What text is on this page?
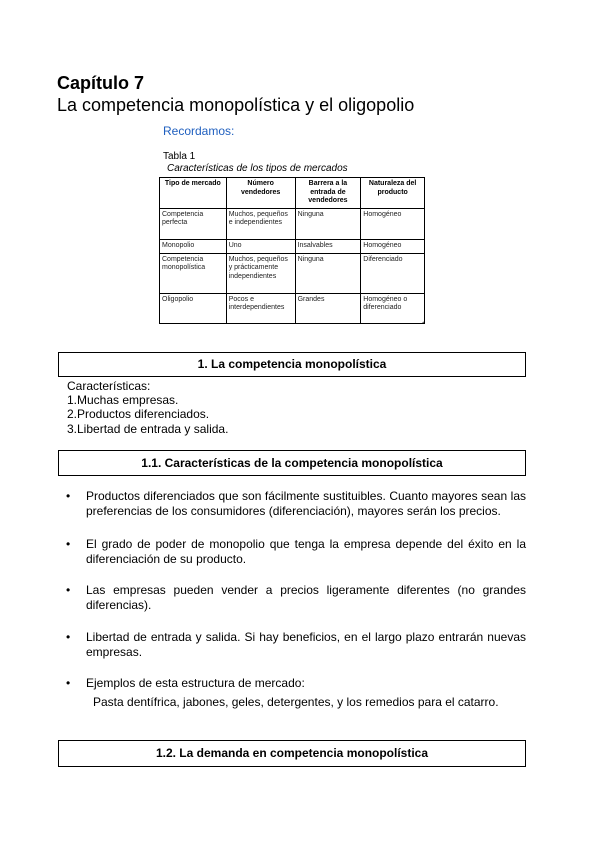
Capítulo 7
La competencia monopolística y el oligopolio
Recordamos:
Tabla 1
Características de los tipos de mercados
Tipo de mercado	Número vendedores	Barrera a la entrada de vendedores	Naturaleza del producto
Competencia perfecta	Muchos, pequeños e independientes	Ninguna	Homogéneo
Monopolio	Uno	Insalvables	Homogéneo
Competencia monopolística	Muchos, pequeños y prácticamente independientes	Ninguna	Diferenciado
Oligopolio	Pocos e interdependientes	Grandes	Homogéneo o diferenciado
*
1. La competencia monopolística
Características:
1.Muchas empresas.
2.Productos diferenciados.
3.Libertad de entrada y salida.
1.1. Características de la competencia monopolística
• Productos diferenciados que son fácilmente sustituibles. Cuanto mayores sean las preferencias de los consumidores (diferenciación), mayores serán los precios.
• El grado de poder de monopolio que tenga la empresa depende del éxito en la diferenciación de su producto.
• Las empresas pueden vender a precios ligeramente diferentes (no grandes diferencias).
• Libertad de entrada y salida. Si hay beneficios, en el largo plazo entrarán nuevas empresas.
• Ejemplos de esta estructura de mercado:
Pasta dentífrica, jabones, geles, detergentes, y los remedios para el catarro.
1.2. La demanda en competencia monopolística
